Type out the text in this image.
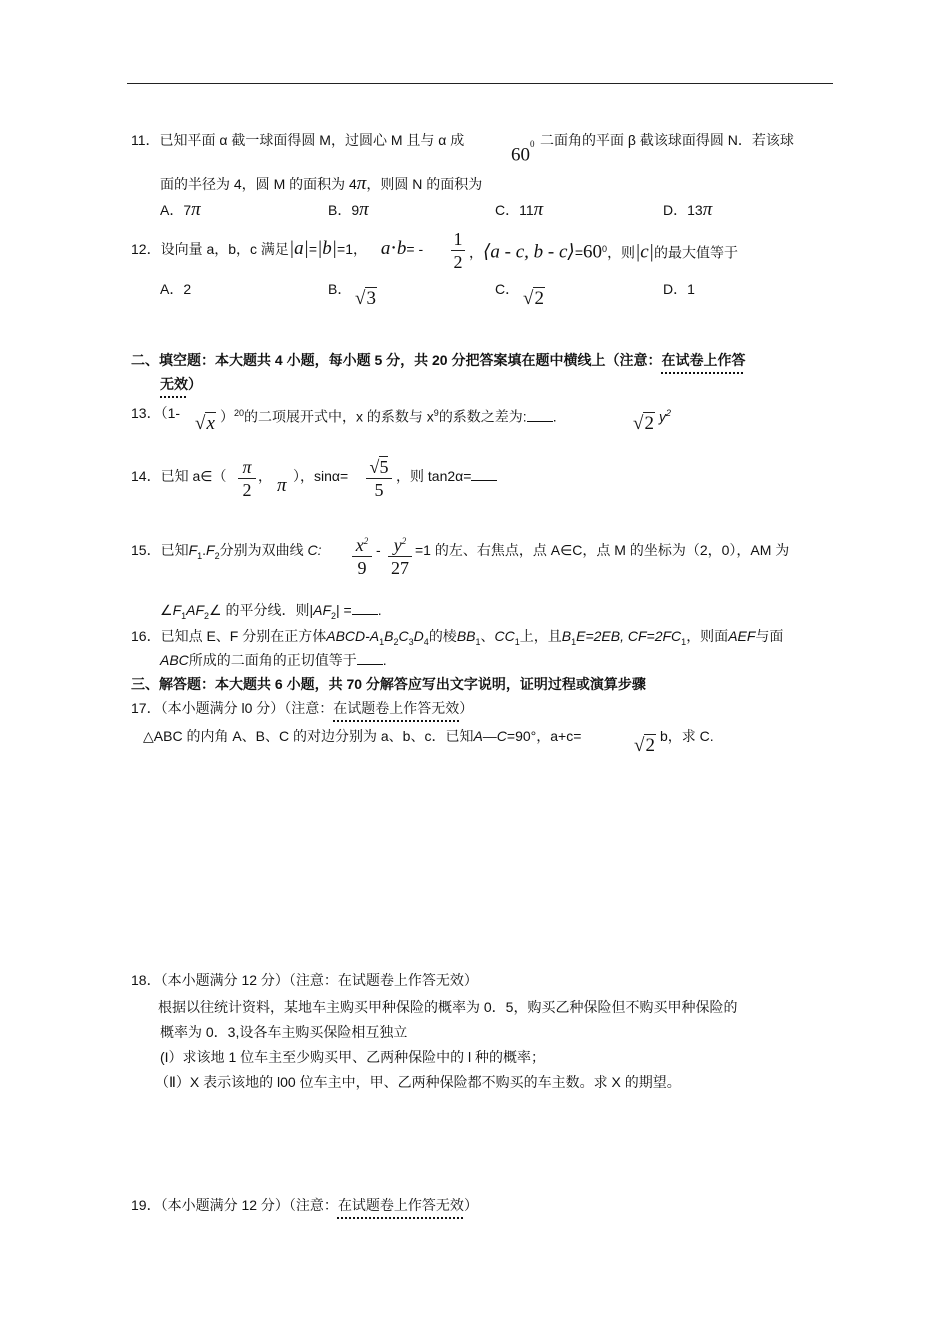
11．已知平面 α 截一球面得圆 M，过圆心 M 且与 α 成
$60^0$ 二面角的平面 β 截该球面得圆 N．若该球
面的半径为 4，圆 M 的面积为 4π，则圆 N 的面积为
A．7π	B．9π	C．11π	D．13π
12．设向量 a，b，c 满足|a|=|b|=1， a⋅b= - 1
2 ，⟨a - c, $b - c⟩=60^0$，则|c|的最大值等于
A．2	B． √3	C． √2	D．1
二、填空题：本大题共 4 小题，每小题 5 分，共 20 分把答案填在题中横线上（注意：在试卷上作答
无效）
13．（1- √x ）$^{20}$的二项展开式中，x 的系数与 $x^9$的系数之差为: .	√2 $y^2$
14．已知 a∈（ π
2
， π ），sinα= √5
5
，则 tan2α=
15．已知$F_1.F_2$分别为双曲线 C: $x^2$
9
- $y^2$
27
=1 的左、右焦点，点 A∈C，点 M 的坐标为（2，0），AM 为
$\angle F_1AF_2\angle$ 的平分线．则$|AF_2|$ = .
16．已知点 E、F 分别在正方体ABCD-$A_1B_2C_3D_4$的棱$BB_1$、$CC_1$上，且$B_1E=2EB$, $CF=2FC_1$，则面AEF与面
ABC所成的二面角的正切值等于 .
三、解答题：本大题共 6 小题，共 70 分解答应写出文字说明，证明过程或演算步骤
17．（本小题满分 l0 分）（注意：在试题卷上作答无效）
△ABC 的内角 A、B、C 的对边分别为 a、b、c．已知A—C=90°，a+c=	√2 b，求 C.
18．（本小题满分 12 分）（注意：在试题卷上作答无效）
根据以往统计资料，某地车主购买甲种保险的概率为 0．5，购买乙种保险但不购买甲种保险的
概率为 0．3,设各车主购买保险相互独立
(I）求该地 1 位车主至少购买甲、乙两种保险中的 l 种的概率；
（Ⅱ）X 表示该地的 l00 位车主中，甲、乙两种保险都不购买的车主数。求 X 的期望。
19．（本小题满分 12 分）（注意：在试题卷上作答无效）
